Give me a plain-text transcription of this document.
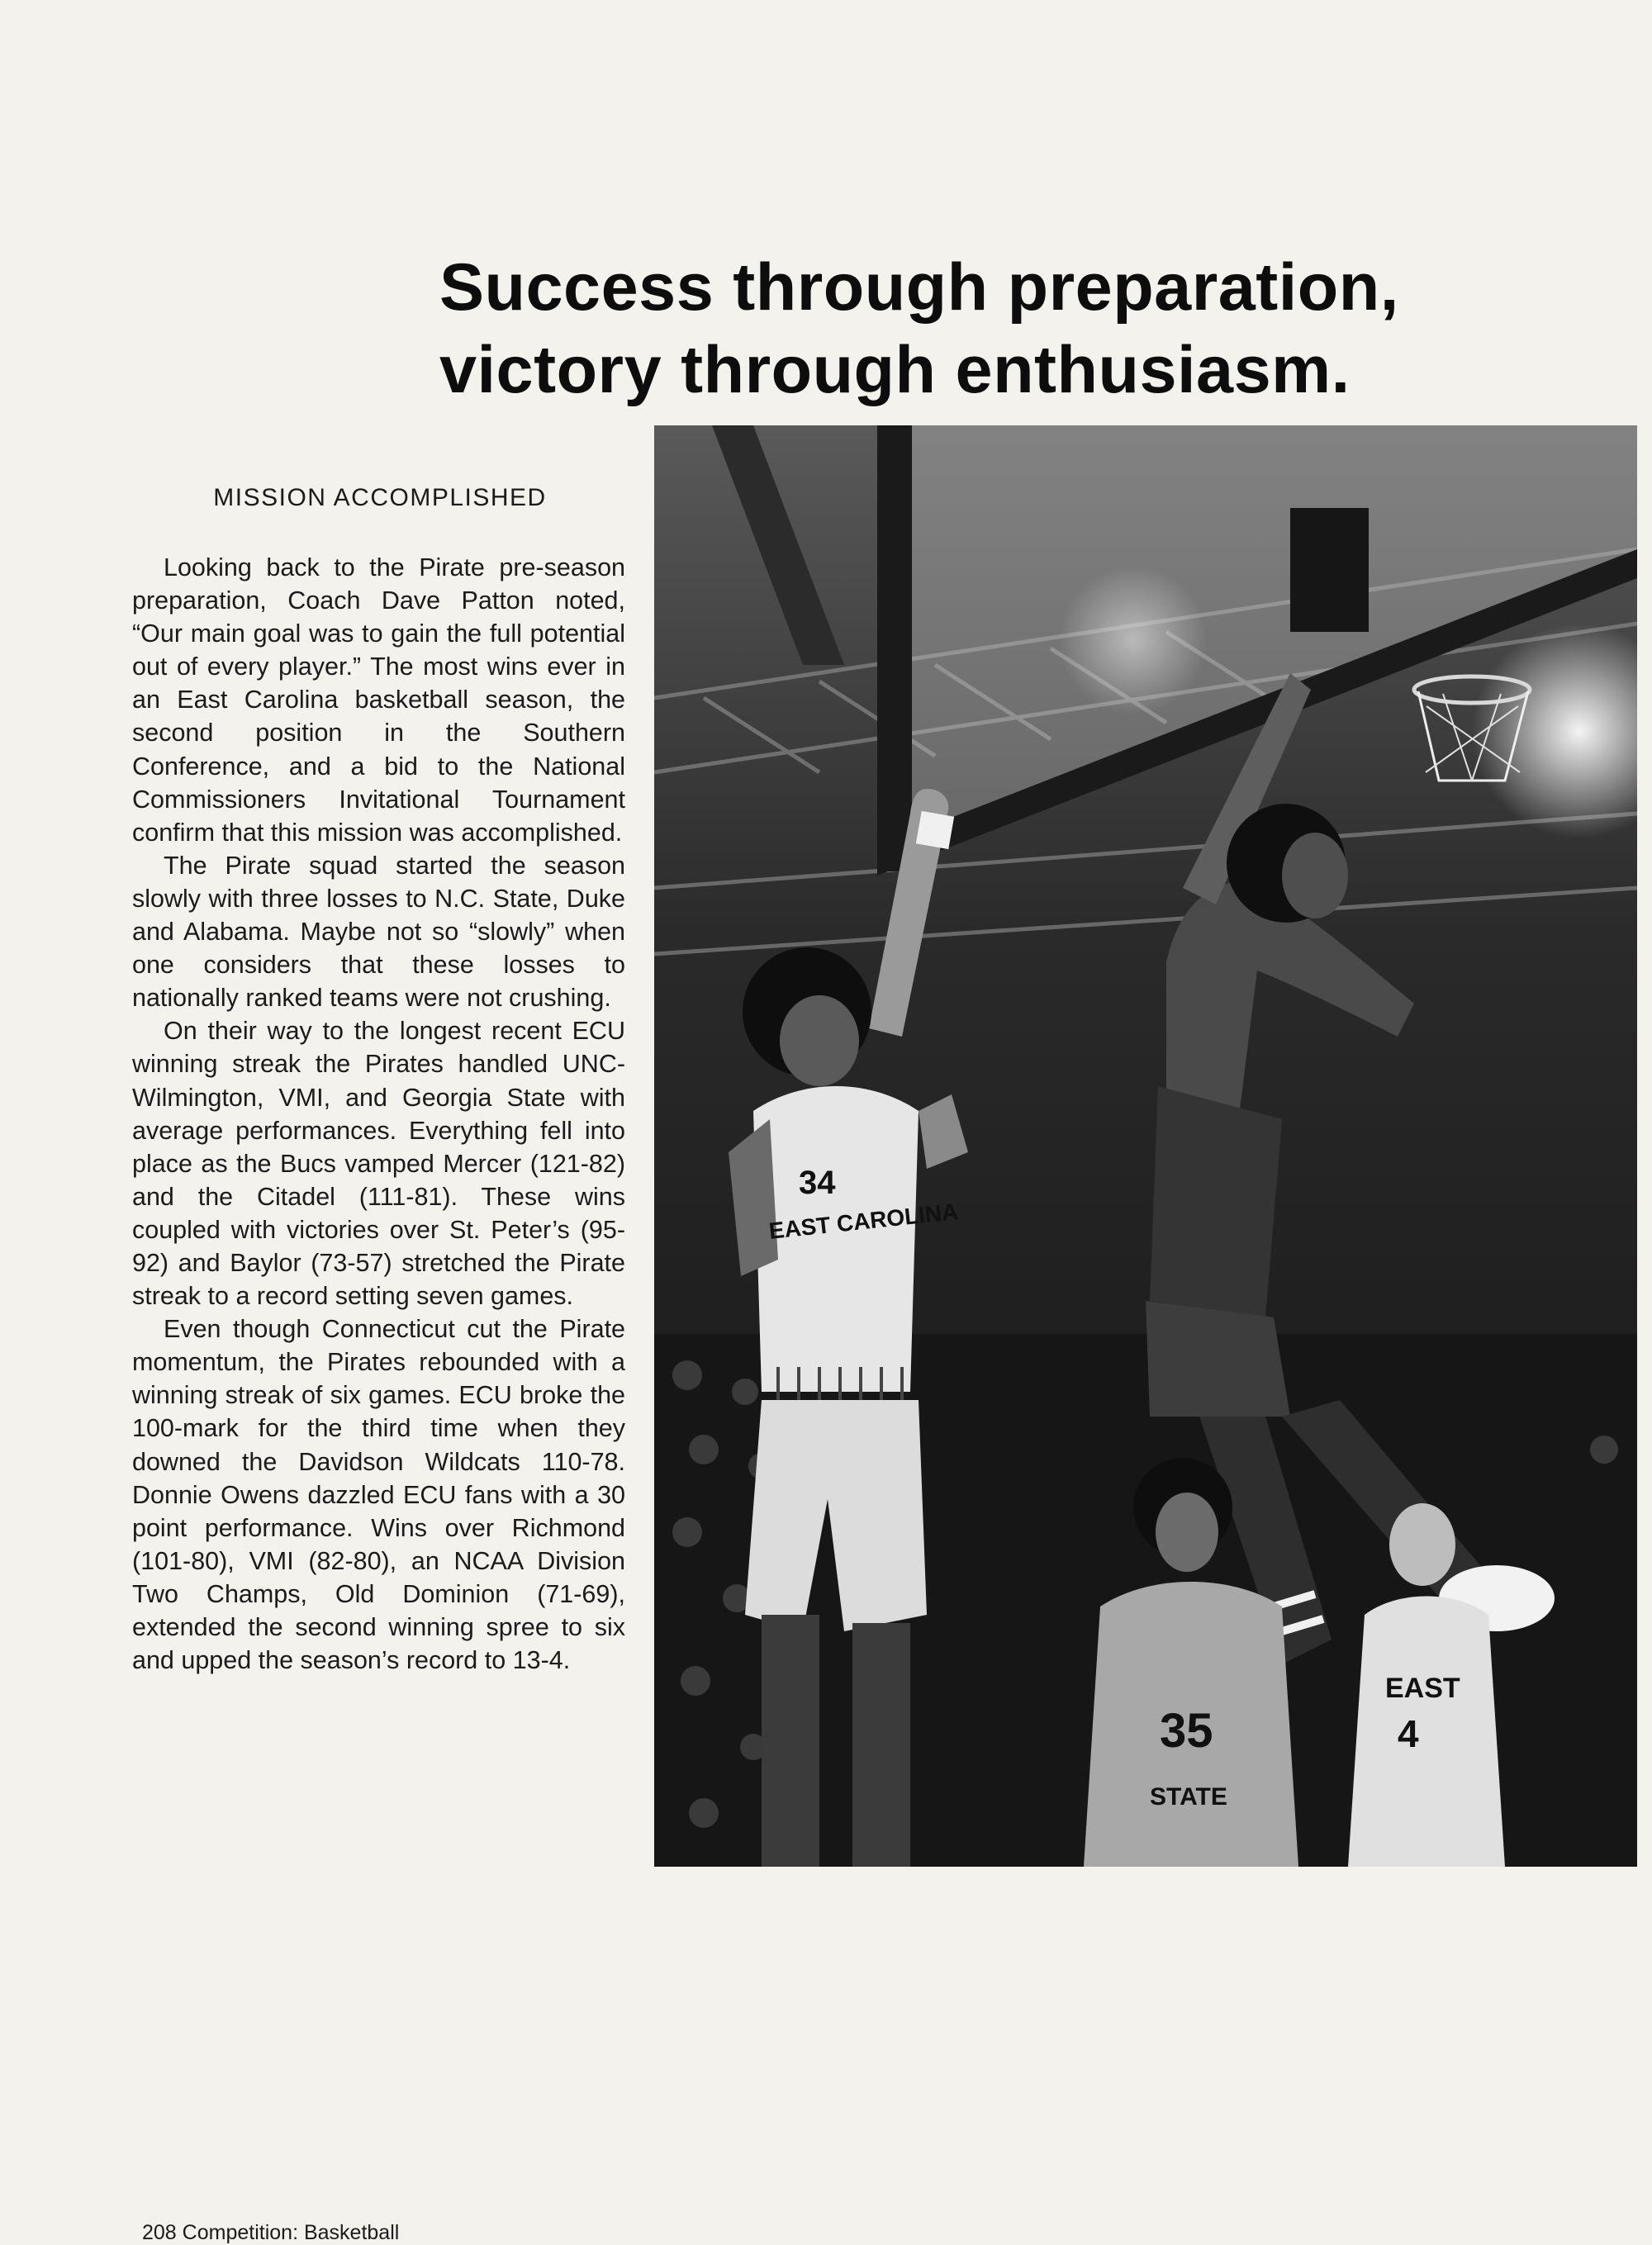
Success through preparation,
victory through enthusiasm.
MISSION ACCOMPLISHED

Looking back to the Pirate pre-season preparation, Coach Dave Patton noted, “Our main goal was to gain the full potential out of every player.” The most wins ever in an East Carolina basketball season, the second position in the Southern Conference, and a bid to the National Commissioners Invitational Tournament confirm that this mission was accomplished.

The Pirate squad started the season slowly with three losses to N.C. State, Duke and Alabama. Maybe not so “slowly” when one considers that these losses to nationally ranked teams were not crushing.

On their way to the longest recent ECU winning streak the Pirates handled UNC-Wilmington, VMI, and Georgia State with average performances. Everything fell into place as the Bucs vamped Mercer (121-82) and the Citadel (111-81). These wins coupled with victories over St. Peter’s (95-92) and Baylor (73-57) stretched the Pirate streak to a record setting seven games.

Even though Connecticut cut the Pirate momentum, the Pirates rebounded with a winning streak of six games. ECU broke the 100-mark for the third time when they downed the Davidson Wildcats 110-78. Donnie Owens dazzled ECU fans with a 30 point performance. Wins over Richmond (101-80), VMI (82-80), an NCAA Division Two Champs, Old Dominion (71-69), extended the second winning spree to six and upped the season’s record to 13-4.

34
EAST CAROLINA
35
STATE
EAST
4
208 Competition: Basketball
